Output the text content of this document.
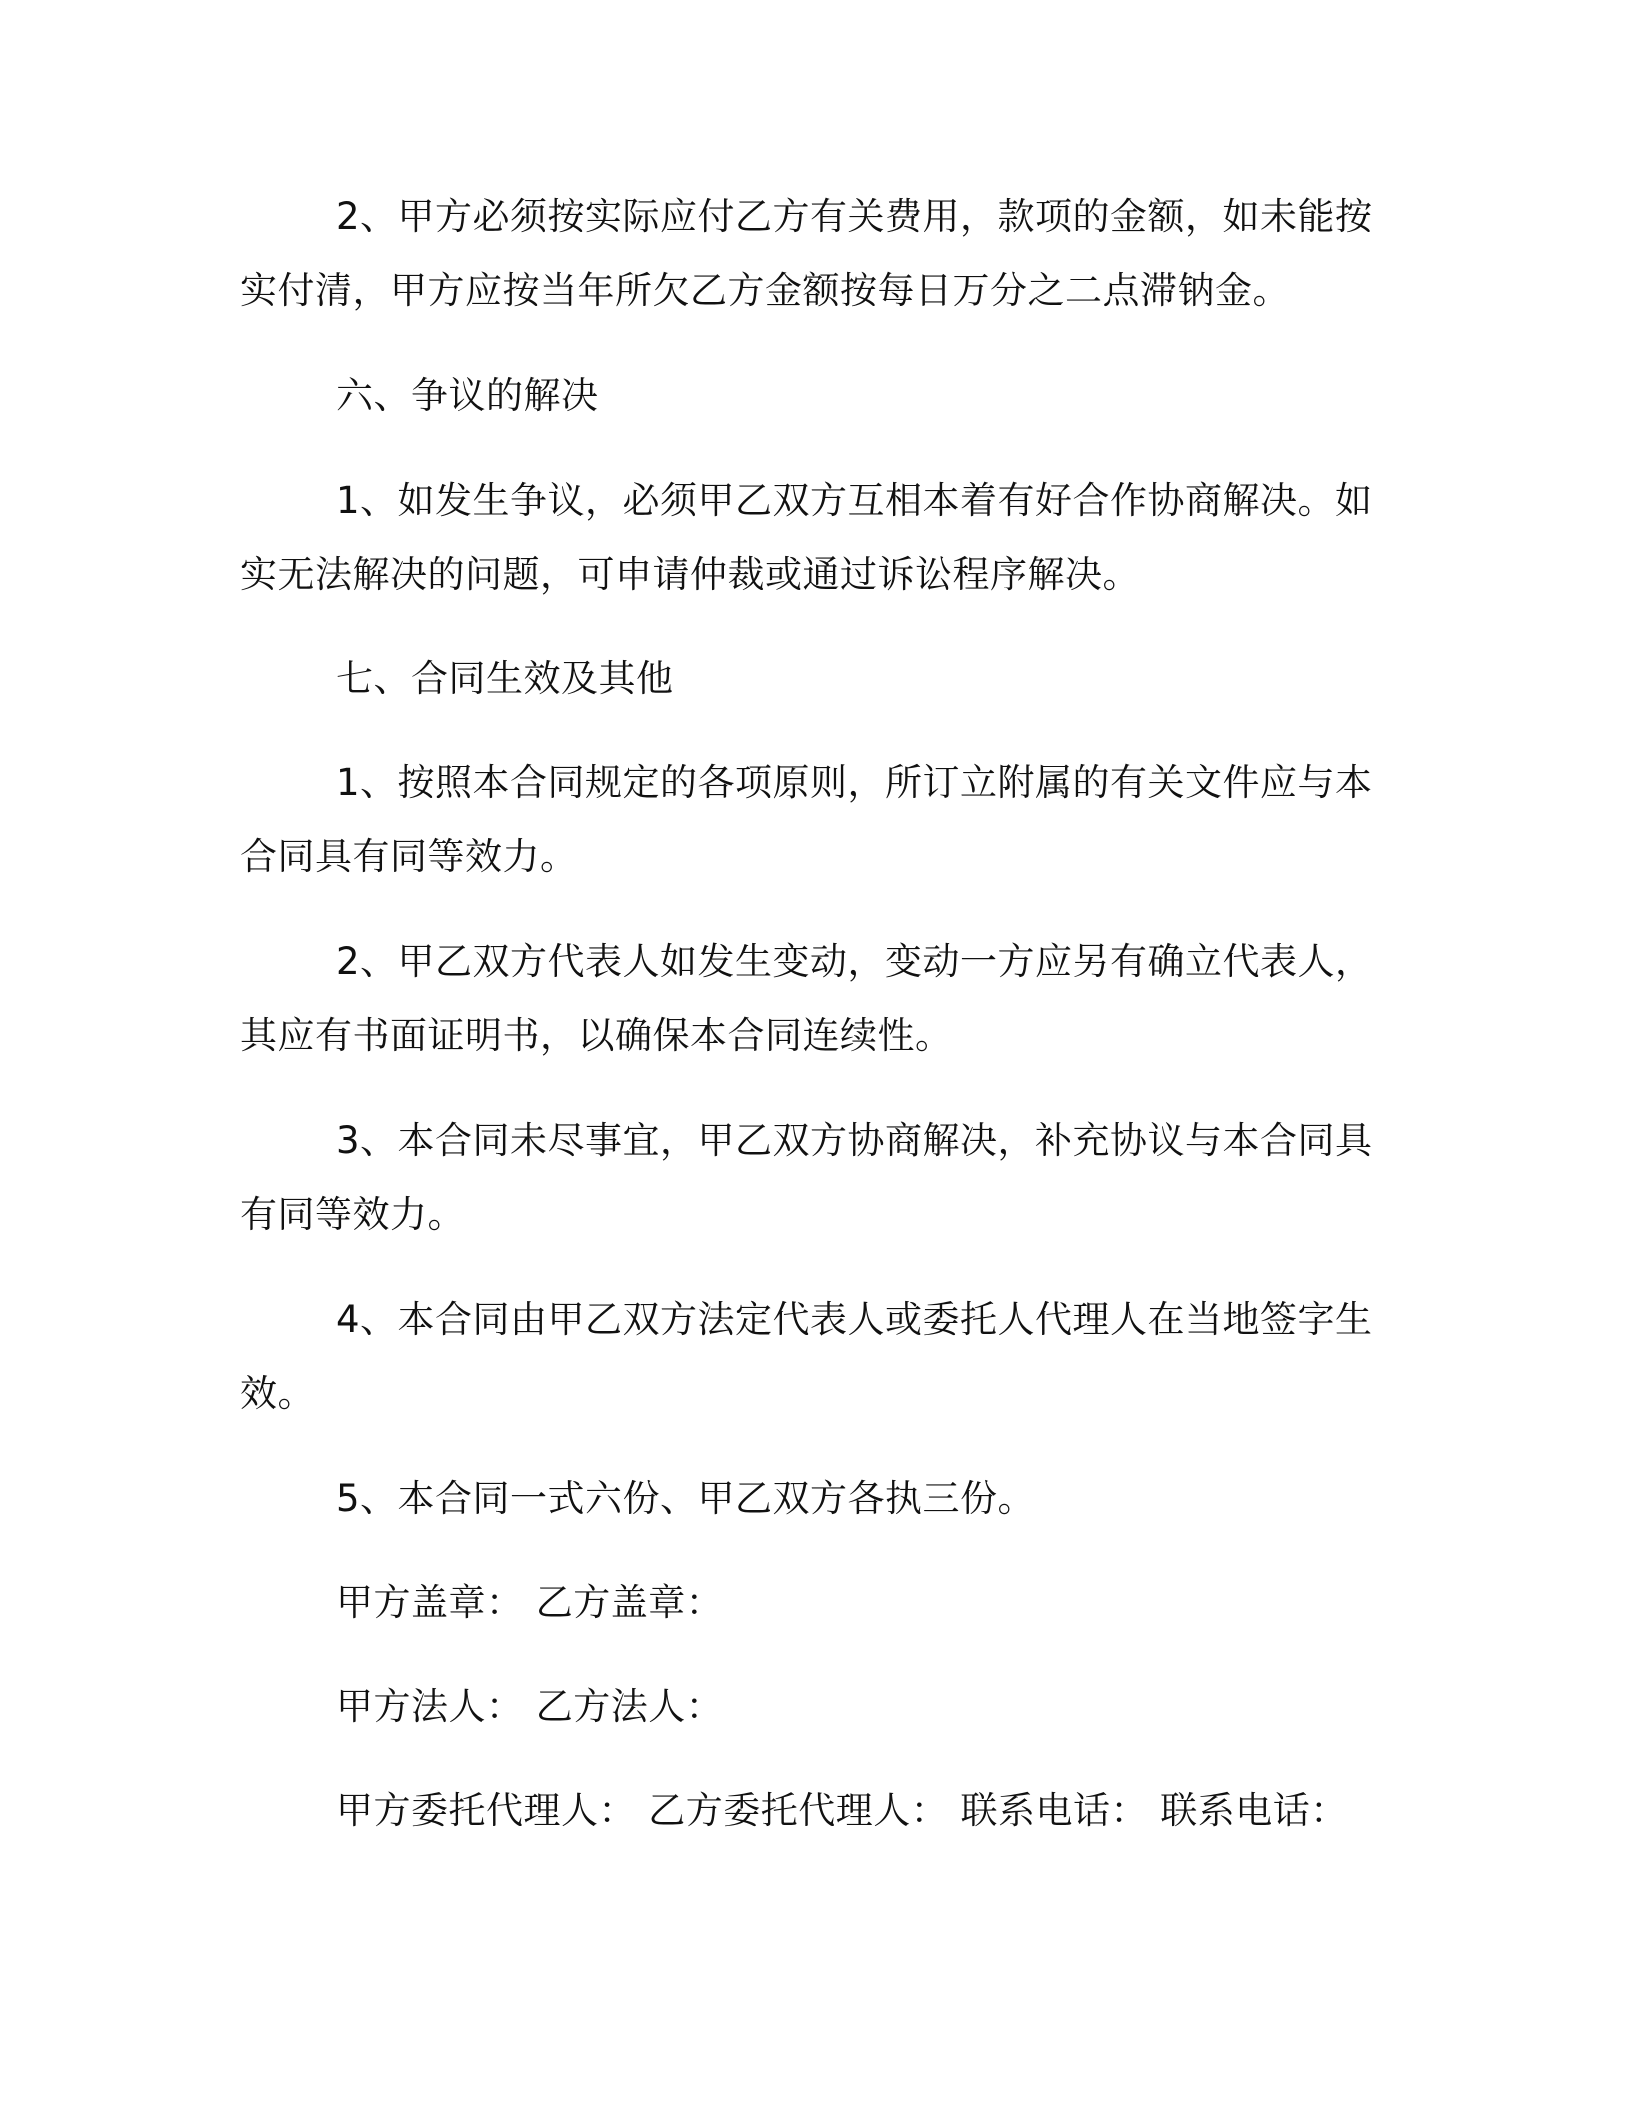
2、甲方必须按实际应付乙方有关费用，款项的金额，如未能按
实付清，甲方应按当年所欠乙方金额按每日万分之二点滞钠金。
六、争议的解决
1、如发生争议，必须甲乙双方互相本着有好合作协商解决。如
实无法解决的问题，可申请仲裁或通过诉讼程序解决。
七、合同生效及其他
1、按照本合同规定的各项原则，所订立附属的有关文件应与本
合同具有同等效力。
2、甲乙双方代表人如发生变动，变动一方应另有确立代表人，
其应有书面证明书，以确保本合同连续性。
3、本合同未尽事宜，甲乙双方协商解决，补充协议与本合同具
有同等效力。
4、本合同由甲乙双方法定代表人或委托人代理人在当地签字生
效。
5、本合同一式六份、甲乙双方各执三份。
甲方盖章： 乙方盖章：
甲方法人： 乙方法人：
甲方委托代理人： 乙方委托代理人： 联系电话： 联系电话：
